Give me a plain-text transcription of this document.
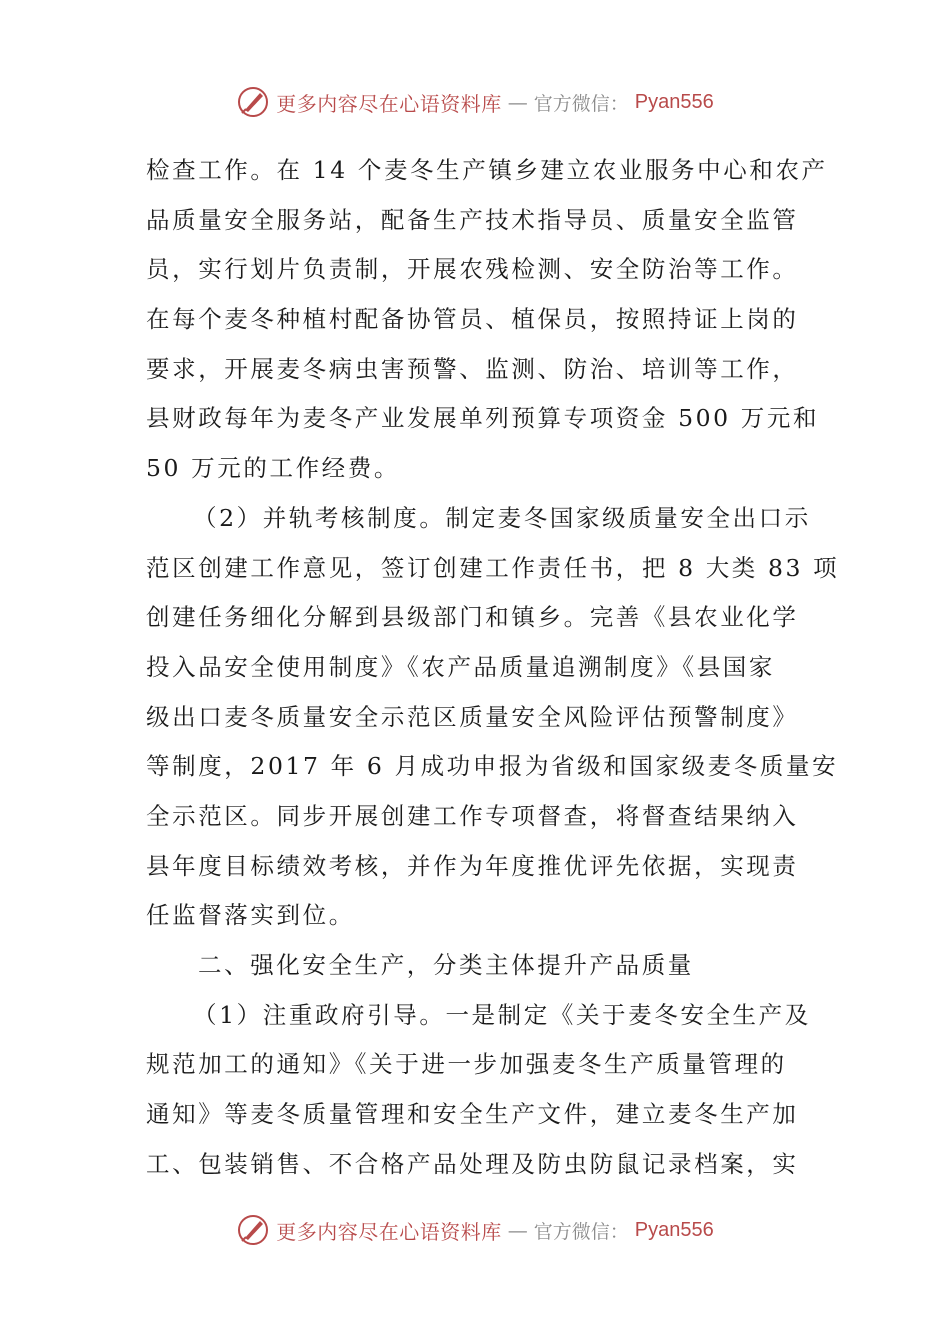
更多内容尽在心语资料库 — 官方微信： Pyan556
检查工作。在 14 个麦冬生产镇乡建立农业服务中心和农产
品质量安全服务站，配备生产技术指导员、质量安全监管
员，实行划片负责制，开展农残检测、安全防治等工作。
在每个麦冬种植村配备协管员、植保员，按照持证上岗的
要求，开展麦冬病虫害预警、监测、防治、培训等工作，
县财政每年为麦冬产业发展单列预算专项资金 500 万元和
50 万元的工作经费。
（2）并轨考核制度。制定麦冬国家级质量安全出口示
范区创建工作意见，签订创建工作责任书，把 8 大类 83 项
创建任务细化分解到县级部门和镇乡。完善《县农业化学
投入品安全使用制度》《农产品质量追溯制度》《县国家
级出口麦冬质量安全示范区质量安全风险评估预警制度》
等制度，2017 年 6 月成功申报为省级和国家级麦冬质量安
全示范区。同步开展创建工作专项督查，将督查结果纳入
县年度目标绩效考核，并作为年度推优评先依据，实现责
任监督落实到位。
二、强化安全生产，分类主体提升产品质量
（1）注重政府引导。一是制定《关于麦冬安全生产及
规范加工的通知》《关于进一步加强麦冬生产质量管理的
通知》等麦冬质量管理和安全生产文件，建立麦冬生产加
工、包装销售、不合格产品处理及防虫防鼠记录档案，实
更多内容尽在心语资料库 — 官方微信： Pyan556
